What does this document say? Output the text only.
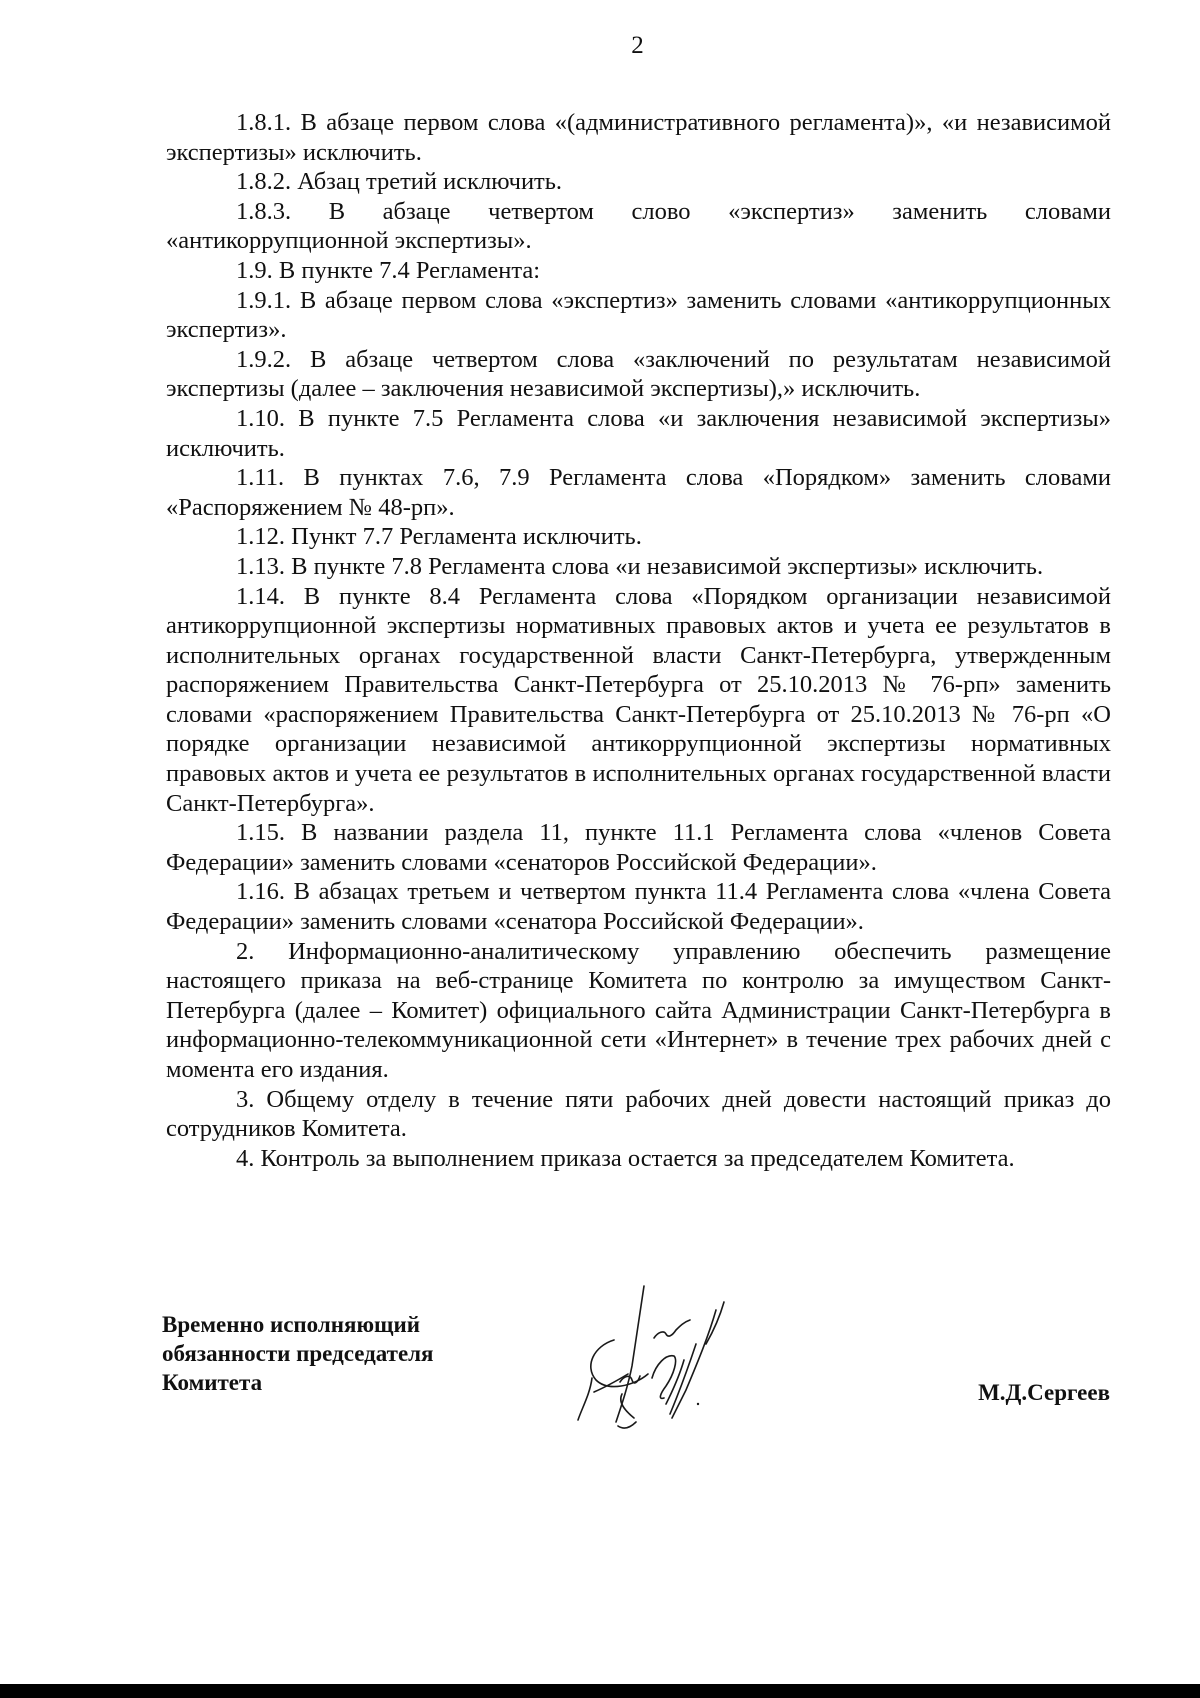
2

1.8.1. В абзаце первом слова «(административного регламента)», «и независимой экспертизы» исключить.

1.8.2. Абзац третий исключить.

1.8.3. В абзаце четвертом слово «экспертиз» заменить словами «антикоррупционной экспертизы».

1.9. В пункте 7.4 Регламента:

1.9.1. В абзаце первом слова «экспертиз» заменить словами «антикоррупционных экспертиз».

1.9.2. В абзаце четвертом слова «заключений по результатам независимой экспертизы (далее – заключения независимой экспертизы),» исключить.

1.10. В пункте 7.5 Регламента слова «и заключения независимой экспертизы» исключить.

1.11. В пунктах 7.6, 7.9 Регламента слова «Порядком» заменить словами «Распоряжением № 48-рп».

1.12. Пункт 7.7 Регламента исключить.

1.13. В пункте 7.8 Регламента слова «и независимой экспертизы» исключить.

1.14. В пункте 8.4 Регламента слова «Порядком организации независимой антикоррупционной экспертизы нормативных правовых актов и учета ее результатов в исполнительных органах государственной власти Санкт-Петербурга, утвержденным распоряжением Правительства Санкт-Петербурга от 25.10.2013 № 76-рп» заменить словами «распоряжением Правительства Санкт-Петербурга от 25.10.2013 № 76-рп «О порядке организации независимой антикоррупционной экспертизы нормативных правовых актов и учета ее результатов в исполнительных органах государственной власти Санкт-Петербурга».

1.15. В названии раздела 11, пункте 11.1 Регламента слова «членов Совета Федерации» заменить словами «сенаторов Российской Федерации».

1.16. В абзацах третьем и четвертом пункта 11.4 Регламента слова «члена Совета Федерации» заменить словами «сенатора Российской Федерации».

2. Информационно-аналитическому управлению обеспечить размещение настоящего приказа на веб-странице Комитета по контролю за имуществом Санкт-Петербурга (далее – Комитет) официального сайта Администрации Санкт-Петербурга в информационно-телекоммуникационной сети «Интернет» в течение трех рабочих дней с момента его издания.

3. Общему отделу в течение пяти рабочих дней довести настоящий приказ до сотрудников Комитета.

4. Контроль за выполнением приказа остается за председателем Комитета.

Временно исполняющий
обязанности председателя
Комитета	М.Д.Сергеев
